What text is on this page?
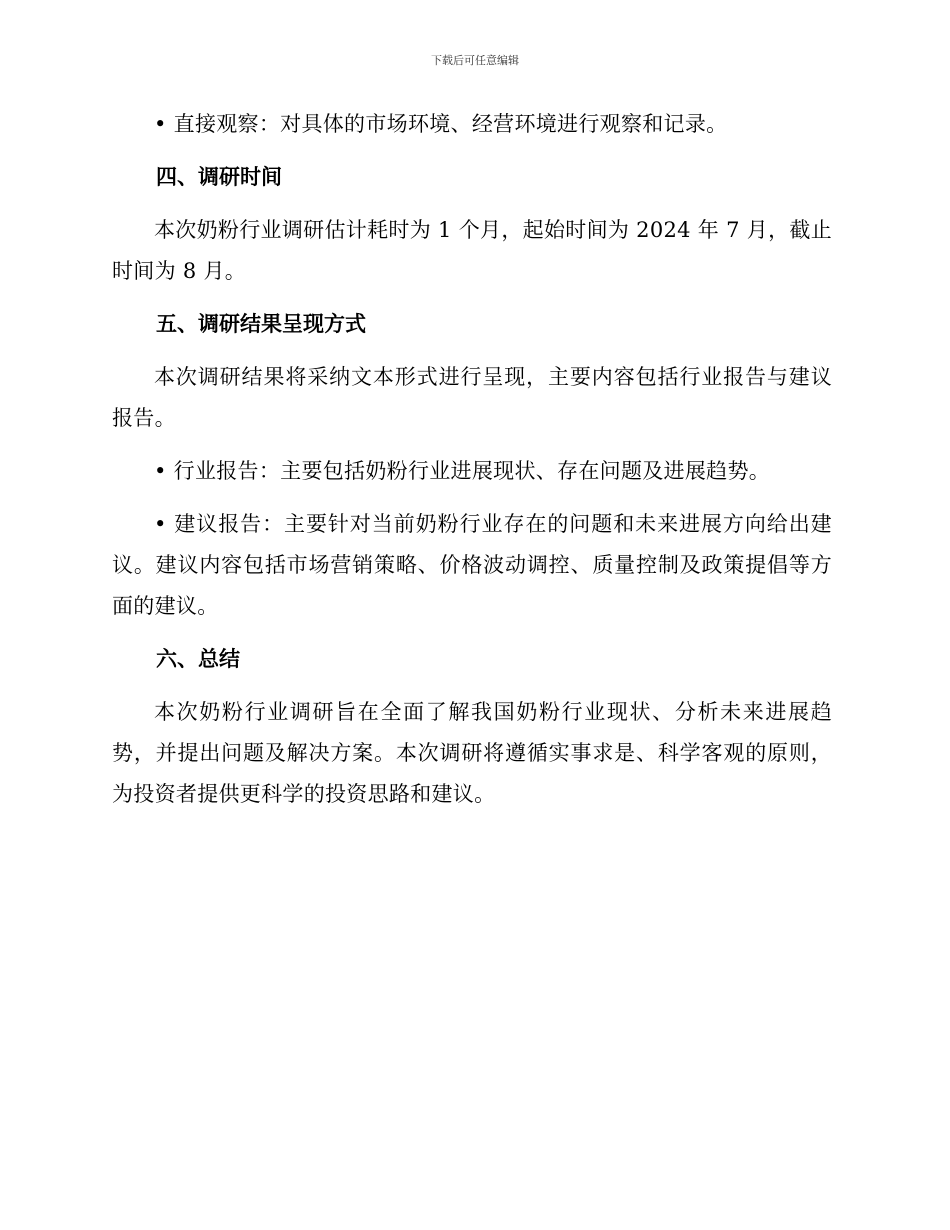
下载后可任意编辑

• 直接观察：对具体的市场环境、经营环境进行观察和记录。

四、调研时间

本次奶粉行业调研估计耗时为 1 个月，起始时间为 2024 年 7 月，截止时间为 8 月。

五、调研结果呈现方式

本次调研结果将采纳文本形式进行呈现，主要内容包括行业报告与建议报告。

• 行业报告：主要包括奶粉行业进展现状、存在问题及进展趋势。

• 建议报告：主要针对当前奶粉行业存在的问题和未来进展方向给出建议。建议内容包括市场营销策略、价格波动调控、质量控制及政策提倡等方面的建议。

六、总结

本次奶粉行业调研旨在全面了解我国奶粉行业现状、分析未来进展趋势，并提出问题及解决方案。本次调研将遵循实事求是、科学客观的原则，为投资者提供更科学的投资思路和建议。
